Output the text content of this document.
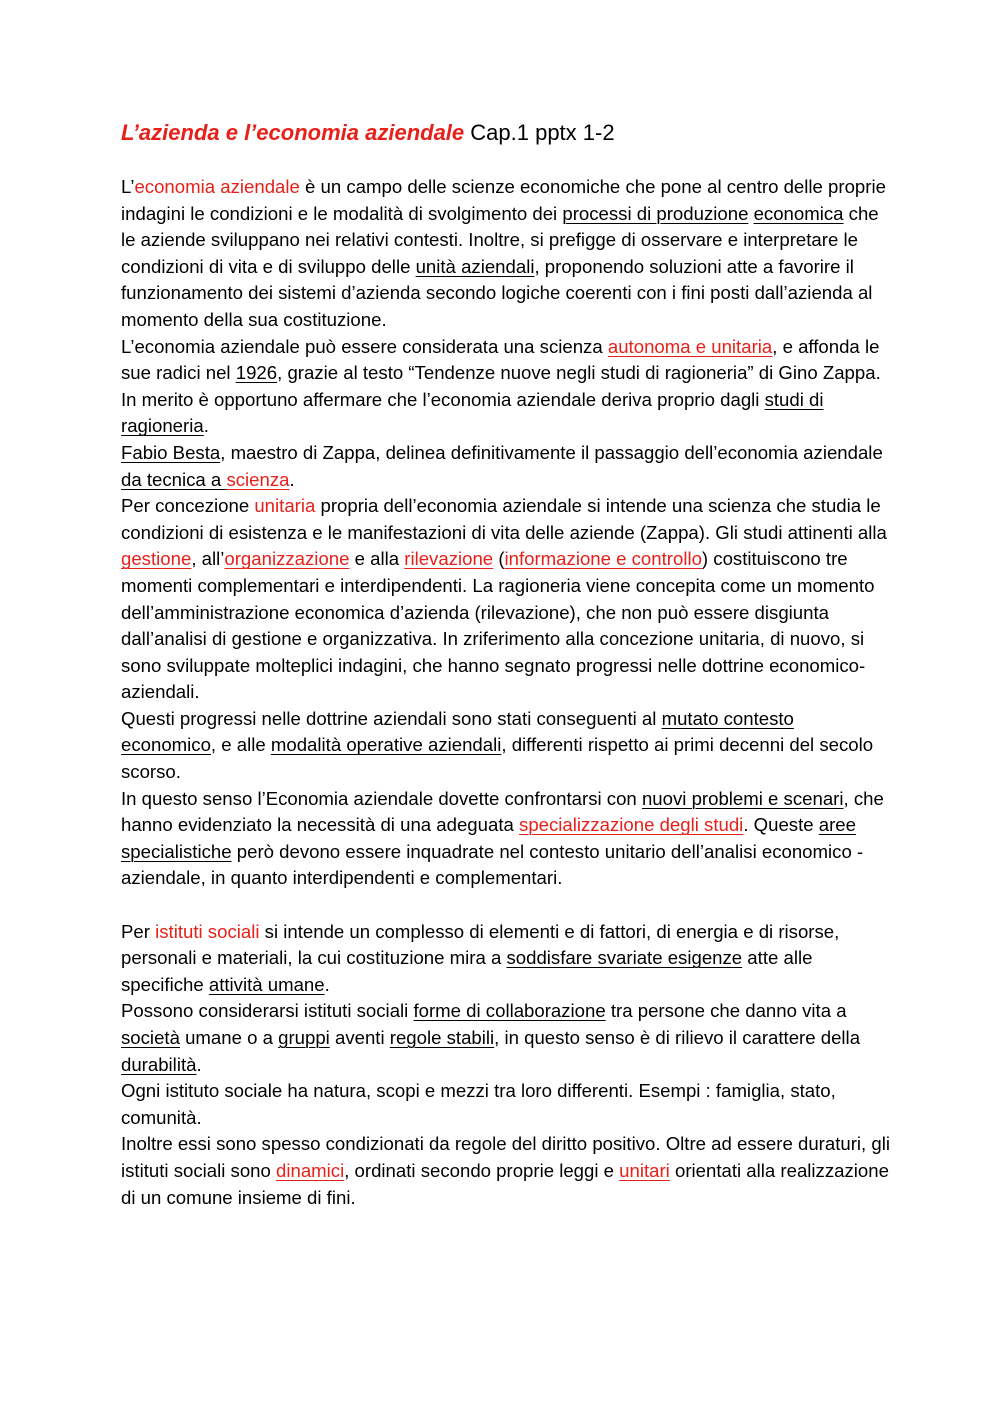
L’azienda e l’economia aziendale Cap.1 pptx 1-2

L’economia aziendale è un campo delle scienze economiche che pone al centro delle proprie indagini le condizioni e le modalità di svolgimento dei processi di produzione economica che le aziende sviluppano nei relativi contesti. Inoltre, si prefigge di osservare e interpretare le condizioni di vita e di sviluppo delle unità aziendali, proponendo soluzioni atte a favorire il funzionamento dei sistemi d’azienda secondo logiche coerenti con i fini posti dall’azienda al momento della sua costituzione.

L’economia aziendale può essere considerata una scienza autonoma e unitaria, e affonda le sue radici nel 1926, grazie al testo “Tendenze nuove negli studi di ragioneria” di Gino Zappa. In merito è opportuno affermare che l’economia aziendale deriva proprio dagli studi di ragioneria.

Fabio Besta, maestro di Zappa, delinea definitivamente il passaggio dell’economia aziendale da tecnica a scienza.

Per concezione unitaria propria dell’economia aziendale si intende una scienza che studia le condizioni di esistenza e le manifestazioni di vita delle aziende (Zappa). Gli studi attinenti alla gestione, all’organizzazione e alla rilevazione (informazione e controllo) costituiscono tre momenti complementari e interdipendenti. La ragioneria viene concepita come un momento dell’amministrazione economica d’azienda (rilevazione), che non può essere disgiunta dall’analisi di gestione e organizzativa. In zriferimento alla concezione unitaria, di nuovo, si sono sviluppate molteplici indagini, che hanno segnato progressi nelle dottrine economico-aziendali.

Questi progressi nelle dottrine aziendali sono stati conseguenti al mutato contesto economico, e alle modalità operative aziendali, differenti rispetto ai primi decenni del secolo scorso.

In questo senso l’Economia aziendale dovette confrontarsi con nuovi problemi e scenari, che hanno evidenziato la necessità di una adeguata specializzazione degli studi. Queste aree specialistiche però devono essere inquadrate nel contesto unitario dell’analisi economico - aziendale, in quanto interdipendenti e complementari.

Per istituti sociali si intende un complesso di elementi e di fattori, di energia e di risorse, personali e materiali, la cui costituzione mira a soddisfare svariate esigenze atte alle specifiche attività umane.

Possono considerarsi istituti sociali forme di collaborazione tra persone che danno vita a società umane o a gruppi aventi regole stabili, in questo senso è di rilievo il carattere della durabilità.

Ogni istituto sociale ha natura, scopi e mezzi tra loro differenti. Esempi : famiglia, stato, comunità.

Inoltre essi sono spesso condizionati da regole del diritto positivo. Oltre ad essere duraturi, gli istituti sociali sono dinamici, ordinati secondo proprie leggi e unitari orientati alla realizzazione di un comune insieme di fini.
